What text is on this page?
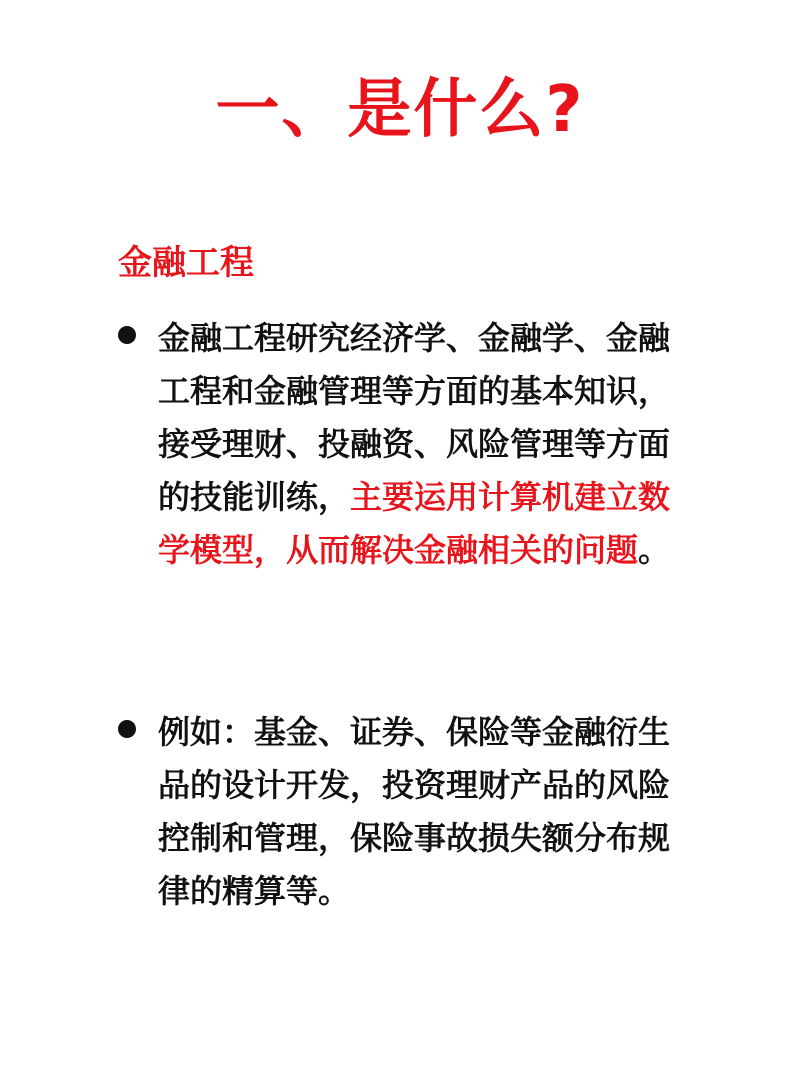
一、是什么?
金融工程
金融工程研究经济学、金融学、金融工程和金融管理等方面的基本知识，接受理财、投融资、风险管理等方面的技能训练，主要运用计算机建立数学模型，从而解决金融相关的问题。
例如：基金、证券、保险等金融衍生品的设计开发，投资理财产品的风险控制和管理，保险事故损失额分布规律的精算等。
